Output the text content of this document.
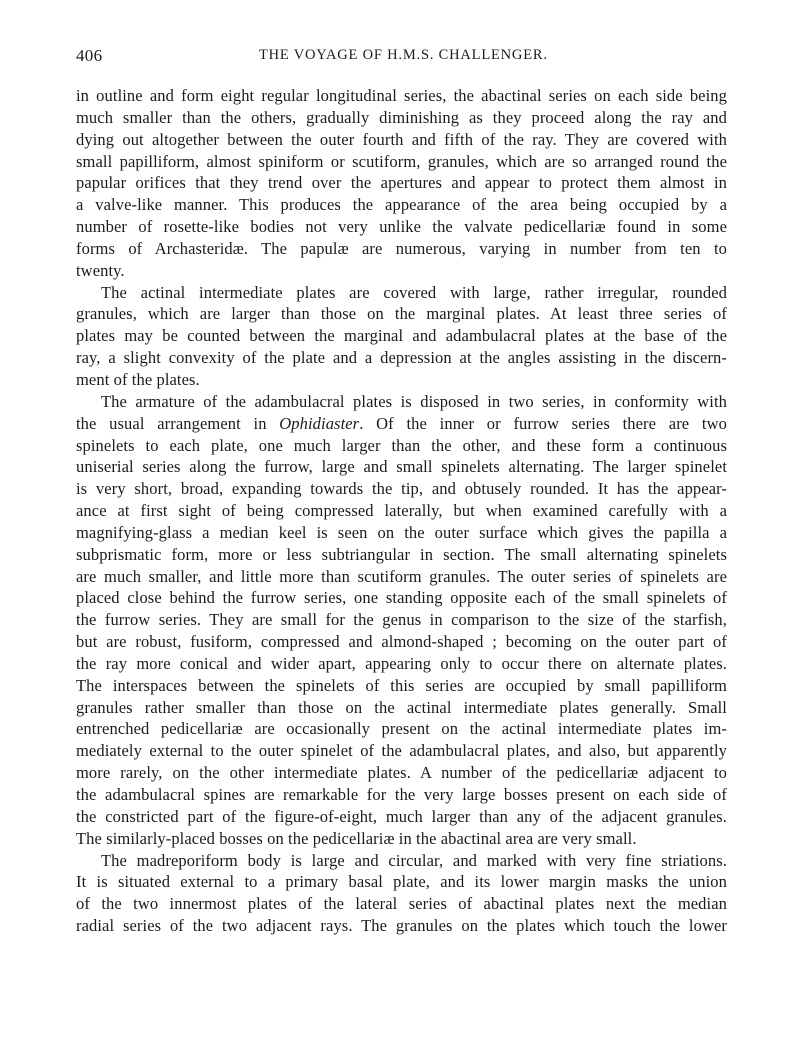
406	THE VOYAGE OF H.M.S. CHALLENGER.
in outline and form eight regular longitudinal series, the abactinal series on each side being
much smaller than the others, gradually diminishing as they proceed along the ray and
dying out altogether between the outer fourth and fifth of the ray. They are covered with
small papilliform, almost spiniform or scutiform, granules, which are so arranged round the
papular orifices that they trend over the apertures and appear to protect them almost in
a valve-like manner. This produces the appearance of the area being occupied by a
number of rosette-like bodies not very unlike the valvate pedicellariæ found in some
forms of Archasteridæ. The papulæ are numerous, varying in number from ten to
twenty.
The actinal intermediate plates are covered with large, rather irregular, rounded
granules, which are larger than those on the marginal plates. At least three series of
plates may be counted between the marginal and adambulacral plates at the base of the
ray, a slight convexity of the plate and a depression at the angles assisting in the discern-
ment of the plates.
The armature of the adambulacral plates is disposed in two series, in conformity with
the usual arrangement in Ophidiaster. Of the inner or furrow series there are two
spinelets to each plate, one much larger than the other, and these form a continuous
uniserial series along the furrow, large and small spinelets alternating. The larger spinelet
is very short, broad, expanding towards the tip, and obtusely rounded. It has the appear-
ance at first sight of being compressed laterally, but when examined carefully with a
magnifying-glass a median keel is seen on the outer surface which gives the papilla a
subprismatic form, more or less subtriangular in section. The small alternating spinelets
are much smaller, and little more than scutiform granules. The outer series of spinelets are
placed close behind the furrow series, one standing opposite each of the small spinelets of
the furrow series. They are small for the genus in comparison to the size of the starfish,
but are robust, fusiform, compressed and almond-shaped ; becoming on the outer part of
the ray more conical and wider apart, appearing only to occur there on alternate plates.
The interspaces between the spinelets of this series are occupied by small papilliform
granules rather smaller than those on the actinal intermediate plates generally. Small
entrenched pedicellariæ are occasionally present on the actinal intermediate plates im-
mediately external to the outer spinelet of the adambulacral plates, and also, but apparently
more rarely, on the other intermediate plates. A number of the pedicellariæ adjacent to
the adambulacral spines are remarkable for the very large bosses present on each side of
the constricted part of the figure-of-eight, much larger than any of the adjacent granules.
The similarly-placed bosses on the pedicellariæ in the abactinal area are very small.
The madreporiform body is large and circular, and marked with very fine striations.
It is situated external to a primary basal plate, and its lower margin masks the union
of the two innermost plates of the lateral series of abactinal plates next the median
radial series of the two adjacent rays. The granules on the plates which touch the lower
